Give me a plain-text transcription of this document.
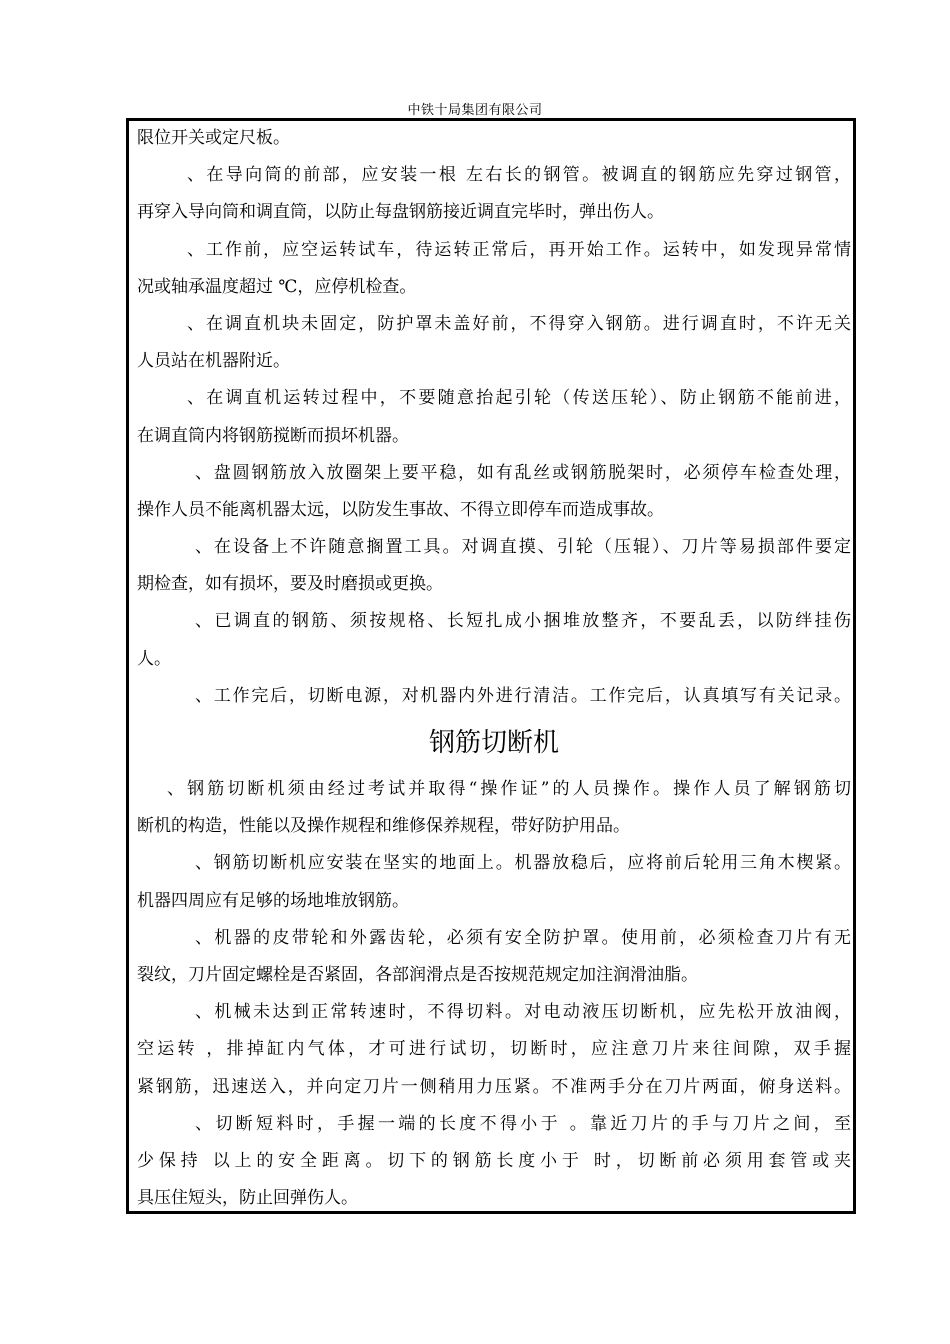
中铁十局集团有限公司
限位开关或定尺板。
、在导向筒的前部，应安装一根 左右长的钢管。被调直的钢筋应先穿过钢管，
再穿入导向筒和调直筒，以防止每盘钢筋接近调直完毕时，弹出伤人。
、工作前，应空运转试车，待运转正常后，再开始工作。运转中，如发现异常情
况或轴承温度超过 ℃，应停机检查。
、在调直机块未固定，防护罩未盖好前，不得穿入钢筋。进行调直时，不许无关
人员站在机器附近。
、在调直机运转过程中，不要随意抬起引轮（传送压轮）、防止钢筋不能前进，
在调直筒内将钢筋搅断而损坏机器。
、盘圆钢筋放入放圈架上要平稳，如有乱丝或钢筋脱架时，必须停车检查处理，
操作人员不能离机器太远，以防发生事故、不得立即停车而造成事故。
、在设备上不许随意搁置工具。对调直摸、引轮（压辊）、刀片等易损部件要定
期检查，如有损坏，要及时磨损或更换。
、已调直的钢筋、须按规格、长短扎成小捆堆放整齐，不要乱丢，以防绊挂伤
人。
、工作完后，切断电源，对机器内外进行清洁。工作完后，认真填写有关记录。
钢筋切断机
、钢筋切断机须由经过考试并取得“操作证”的人员操作。操作人员了解钢筋切
断机的构造，性能以及操作规程和维修保养规程，带好防护用品。
、钢筋切断机应安装在坚实的地面上。机器放稳后，应将前后轮用三角木楔紧。
机器四周应有足够的场地堆放钢筋。
、机器的皮带轮和外露齿轮，必须有安全防护罩。使用前，必须检查刀片有无
裂纹，刀片固定螺栓是否紧固，各部润滑点是否按规范规定加注润滑油脂。
、机械未达到正常转速时，不得切料。对电动液压切断机，应先松开放油阀，
空运转 ，排掉缸内气体，才可进行试切，切断时，应注意刀片来往间隙，双手握
紧钢筋，迅速送入，并向定刀片一侧稍用力压紧。不准两手分在刀片两面，俯身送料。
、切断短料时，手握一端的长度不得小于 。靠近刀片的手与刀片之间，至
少保持 以上的安全距离。切下的钢筋长度小于 时，切断前必须用套管或夹
具压住短头，防止回弹伤人。
